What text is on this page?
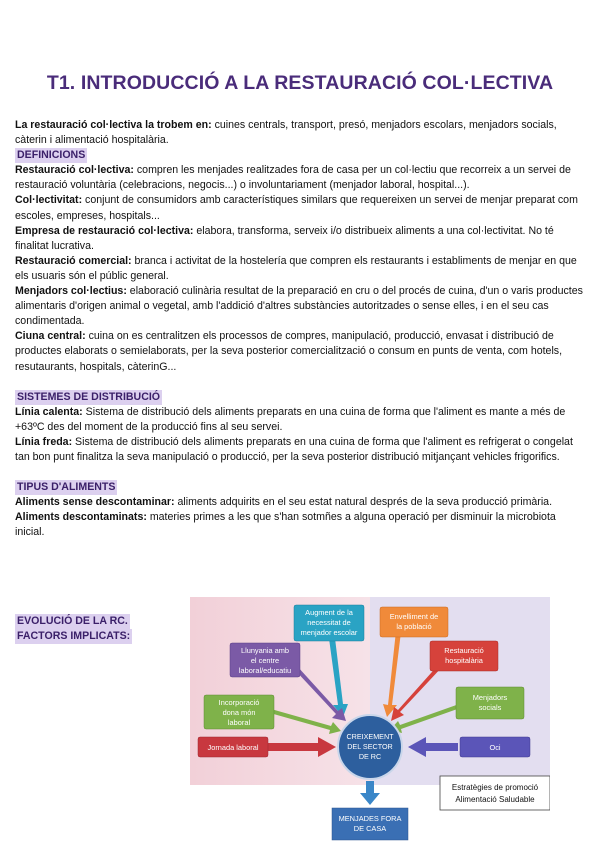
T1. INTRODUCCIÓ A LA RESTAURACIÓ COL·LECTIVA

La restauració col·lectiva la trobem en: cuines centrals, transport, presó, menjadors escolars, menjadors socials, càterin i alimentació hospitalària.

DEFINICIONS

Restauració col·lectiva: compren les menjades realitzades fora de casa per un col·lectiu que recorreix a un servei de restauració voluntària (celebracions, negocis...) o involuntariament (menjador laboral, hospital...).

Col·lectivitat: conjunt de consumidors amb característiques similars que requereixen un servei de menjar preparat com escoles, empreses, hospitals...

Empresa de restauració col·lectiva: elabora, transforma, serveix i/o distribueix aliments a una col·lectivitat. No té finalitat lucrativa.

Restauració comercial: branca i activitat de la hostelería que compren els restaurants i establiments de menjar en que els usuaris són el públic general.

Menjadors col·lectius: elaboració culinària resultat de la preparació en cru o del procés de cuina, d'un o varis productes alimentaris d'origen animal o vegetal, amb l'addició d'altres substàncies autoritzades o sense elles, i en el seu cas condimentada.

Ciuna central: cuina on es centralitzen els processos de compres, manipulació, producció, envasat i distribució de productes elaborats o semielaborats, per la seva posterior comercialització o consum en punts de venta, com hotels, resutaurants, hospitals, càterinG...

SISTEMES DE DISTRIBUCIÓ

Línia calenta: Sistema de distribució dels aliments preparats en una cuina de forma que l'aliment es mante a més de +63ºC des del moment de la producció fins al seu servei.

Línia freda: Sistema de distribució dels aliments preparats en una cuina de forma que l'aliment es refrigerat o congelat tan bon punt finalitza la seva manipulació o producció, per la seva posterior distribució mitjançant vehicles frigorifics.

TIPUS D'ALIMENTS

Aliments sense descontaminar: aliments adquirits en el seu estat natural després de la seva producció primària.

Aliments descontaminats: materies primes a les que s'han sotmñes a alguna operació per disminuir la microbiota inicial.

EVOLUCIÓ DE LA RC.
FACTORS IMPLICATS:
Augment de la
necessitat de
menjador escolar
Envelliment de
la població
Llunyania amb
el centre
laboral/educatiu
Restauració
hospitalària
Incorporació
dona món
laboral
Menjadors
socials
Jornada laboral	Oci
CREIXEMENT
DEL SECTOR
DE RC
Estratègies de promoció
Alimentació Saludable
MENJADES FORA
DE CASA
